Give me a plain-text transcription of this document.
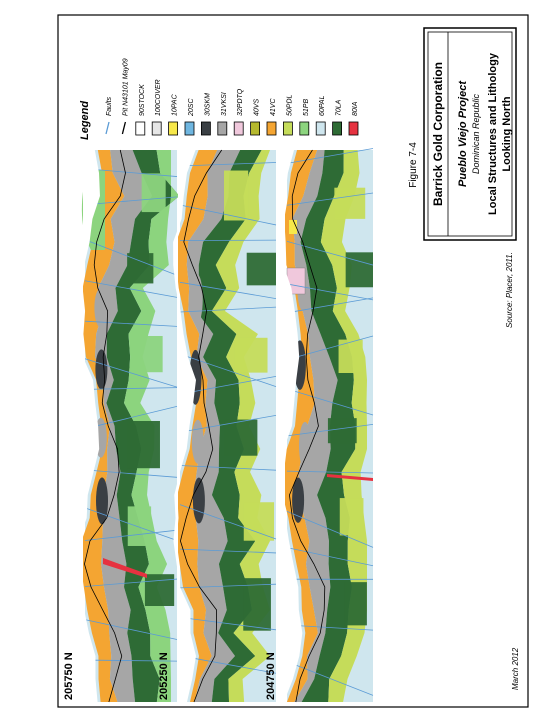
205750 N	205250 N	204750 N
Legend Faults Pit N43101 May09 90STOCK 100COVER 10PAC 20SC 30SKM 31VKSI 32PDTQ 40VS 41VC 50PDL 51PB 60PAL 70LA 80IA	Barrick Gold Corporation Pueblo Viejo Project Dominican Republic Local Structures and Lithology Looking North
Figure 7-4
Source: Placer, 2011.
March 2012
